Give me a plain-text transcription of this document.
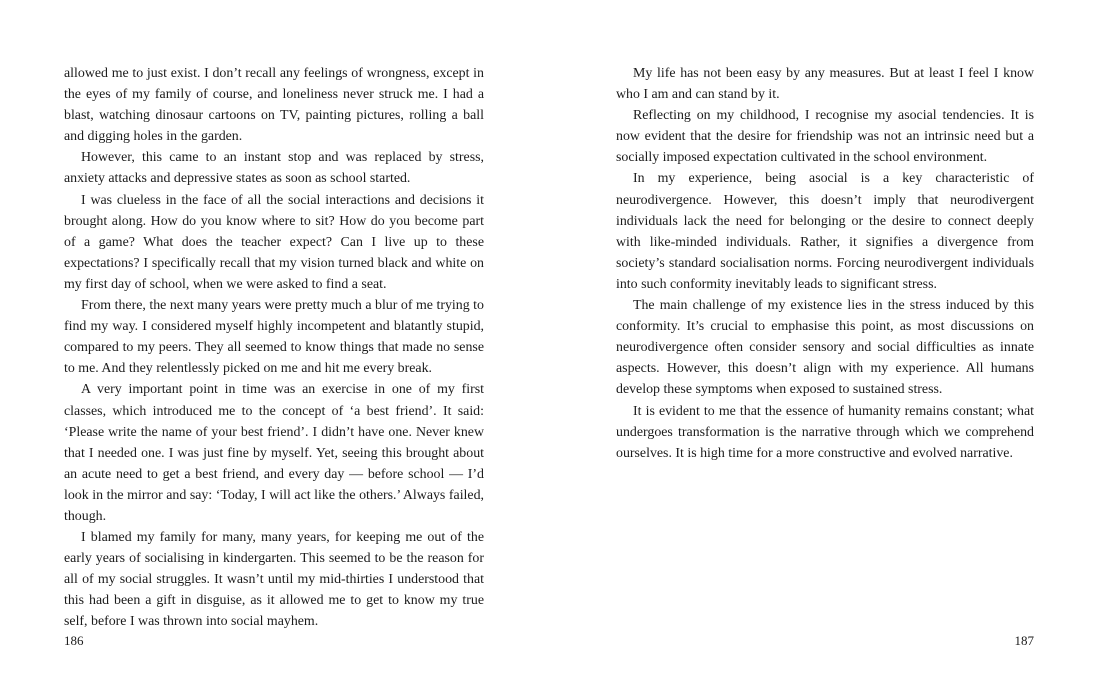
allowed me to just exist. I don’t recall any feelings of wrongness, except in the eyes of my family of course, and loneliness never struck me. I had a blast, watching dinosaur cartoons on TV, painting pictures, rolling a ball and digging holes in the garden.

However, this came to an instant stop and was replaced by stress, anxiety attacks and depressive states as soon as school started.

I was clueless in the face of all the social interactions and decisions it brought along. How do you know where to sit? How do you become part of a game? What does the teacher expect? Can I live up to these expectations? I specifically recall that my vision turned black and white on my first day of school, when we were asked to find a seat.

From there, the next many years were pretty much a blur of me trying to find my way. I considered myself highly incompetent and blatantly stupid, compared to my peers. They all seemed to know things that made no sense to me. And they relentlessly picked on me and hit me every break.

A very important point in time was an exercise in one of my first classes, which introduced me to the concept of ‘a best friend’. It said: ‘Please write the name of your best friend’. I didn’t have one. Never knew that I needed one. I was just fine by myself. Yet, seeing this brought about an acute need to get a best friend, and every day — before school — I’d look in the mirror and say: ‘Today, I will act like the others.’ Always failed, though.

I blamed my family for many, many years, for keeping me out of the early years of socialising in kindergarten. This seemed to be the reason for all of my social struggles. It wasn’t until my mid-thirties I understood that this had been a gift in disguise, as it allowed me to get to know my true self, before I was thrown into social mayhem.

My life has not been easy by any measures. But at least I feel I know who I am and can stand by it.

Reflecting on my childhood, I recognise my asocial tendencies. It is now evident that the desire for friendship was not an intrinsic need but a socially imposed expectation cultivated in the school environment.

In my experience, being asocial is a key characteristic of neurodivergence. However, this doesn’t imply that neurodivergent individuals lack the need for belonging or the desire to connect deeply with like-minded individuals. Rather, it signifies a divergence from society’s standard socialisation norms. Forcing neurodivergent individuals into such conformity inevitably leads to significant stress.

The main challenge of my existence lies in the stress induced by this conformity. It’s crucial to emphasise this point, as most discussions on neurodivergence often consider sensory and social difficulties as innate aspects. However, this doesn’t align with my experience. All humans develop these symptoms when exposed to sustained stress.

It is evident to me that the essence of humanity remains constant; what undergoes transformation is the narrative through which we comprehend ourselves. It is high time for a more constructive and evolved narrative.

186	187
